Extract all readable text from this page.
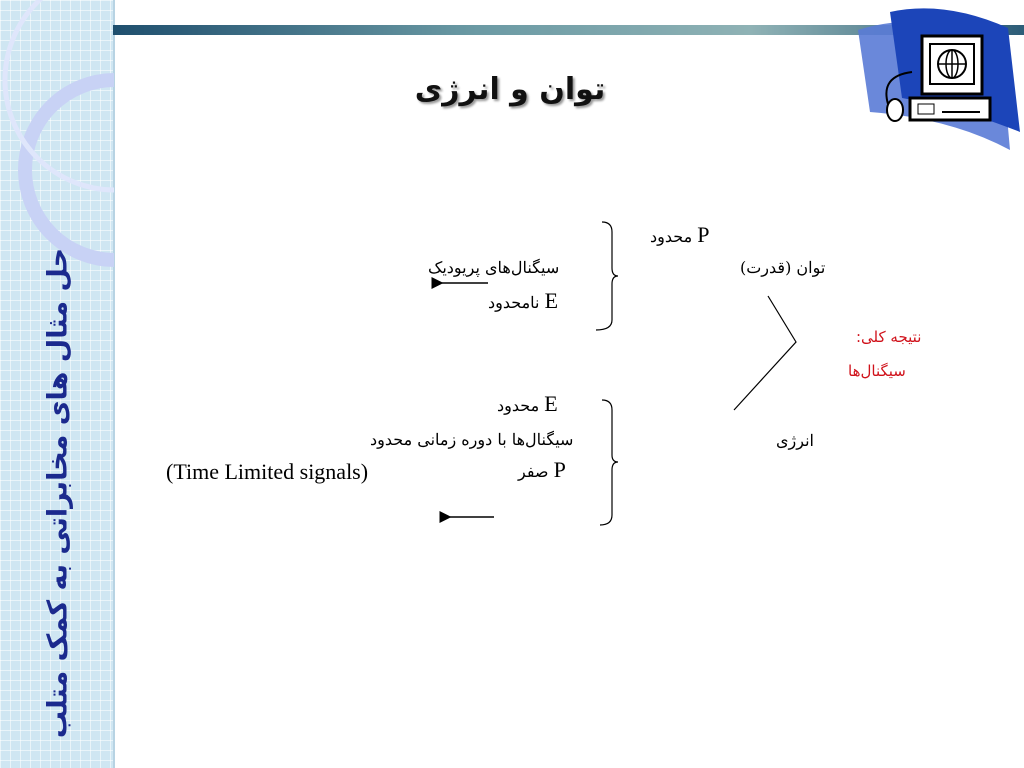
حل مثال های مخابراتی به کمک متلب
توان و انرژی
P محدود
توان (قدرت)
سیگنال‌های پریودیک
E نامحدود
نتیجه کلی:
سیگنال‌ها
E محدود
انرژی
سیگنال‌ها با دوره زمانی محدود
P صفر
(Time Limited signals)
